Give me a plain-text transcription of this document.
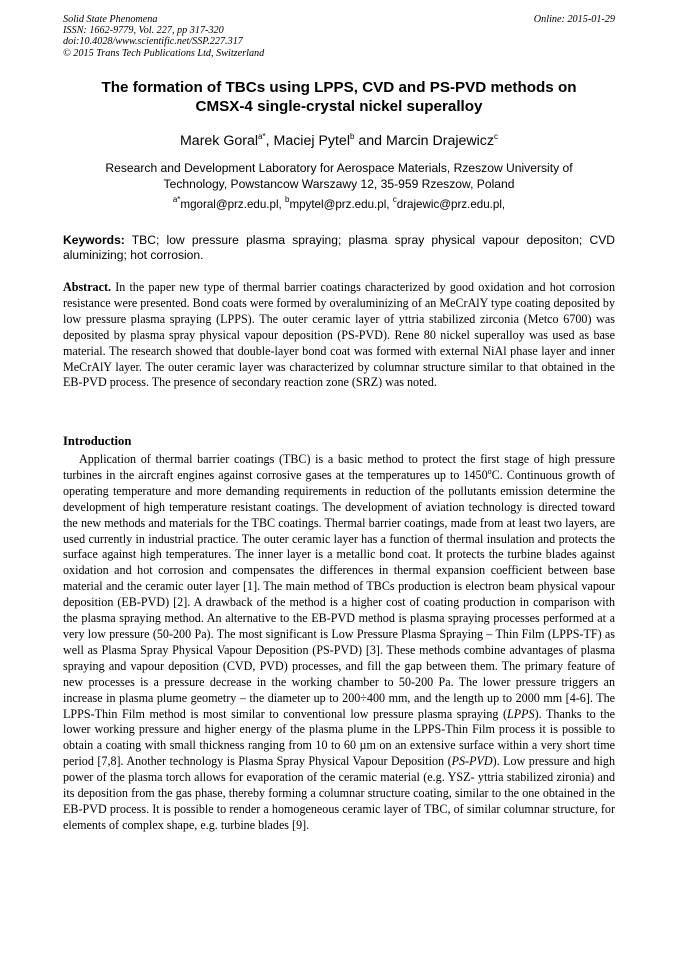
Solid State Phenomena
ISSN: 1662-9779, Vol. 227, pp 317-320
doi:10.4028/www.scientific.net/SSP.227.317
© 2015 Trans Tech Publications Ltd, Switzerland
Online: 2015-01-29
The formation of TBCs using LPPS, CVD and PS-PVD methods on
CMSX-4 single-crystal nickel superalloy
Marek Goral$^{a*}$, Maciej Pytel$^b$ and Marcin Drajewicz$^c$
Research and Development Laboratory for Aerospace Materials, Rzeszow University of
Technology, Powstancow Warszawy 12, 35-959 Rzeszow, Poland
$^{a*}$mgoral@prz.edu.pl, $^b$mpytel@prz.edu.pl, $^c$drajewic@prz.edu.pl,
Keywords: TBC; low pressure plasma spraying; plasma spray physical vapour depositon; CVD aluminizing; hot corrosion.
Abstract. In the paper new type of thermal barrier coatings characterized by good oxidation and hot corrosion resistance were presented. Bond coats were formed by overaluminizing of an MeCrAlY type coating deposited by low pressure plasma spraying (LPPS). The outer ceramic layer of yttria stabilized zirconia (Metco 6700) was deposited by plasma spray physical vapour deposition (PS-PVD). Rene 80 nickel superalloy was used as base material. The research showed that double-layer bond coat was formed with external NiAl phase layer and inner MeCrAlY layer. The outer ceramic layer was characterized by columnar structure similar to that obtained in the EB-PVD process. The presence of secondary reaction zone (SRZ) was noted.
Introduction
Application of thermal barrier coatings (TBC) is a basic method to protect the first stage of high pressure turbines in the aircraft engines against corrosive gases at the temperatures up to 1450$^o$C. Continuous growth of operating temperature and more demanding requirements in reduction of the pollutants emission determine the development of high temperature resistant coatings. The development of aviation technology is directed toward the new methods and materials for the TBC coatings. Thermal barrier coatings, made from at least two layers, are used currently in industrial practice. The outer ceramic layer has a function of thermal insulation and protects the surface against high temperatures. The inner layer is a metallic bond coat. It protects the turbine blades against oxidation and hot corrosion and compensates the differences in thermal expansion coefficient between base material and the ceramic outer layer [1]. The main method of TBCs production is electron beam physical vapour deposition (EB-PVD) [2]. A drawback of the method is a higher cost of coating production in comparison with the plasma spraying method. An alternative to the EB-PVD method is plasma spraying processes performed at a very low pressure (50-200 Pa). The most significant is Low Pressure Plasma Spraying – Thin Film (LPPS-TF) as well as Plasma Spray Physical Vapour Deposition (PS-PVD) [3]. These methods combine advantages of plasma spraying and vapour deposition (CVD, PVD) processes, and fill the gap between them. The primary feature of new processes is a pressure decrease in the working chamber to 50-200 Pa. The lower pressure triggers an increase in plasma plume geometry – the diameter up to 200÷400 mm, and the length up to 2000 mm [4-6]. The LPPS-Thin Film method is most similar to conventional low pressure plasma spraying (LPPS). Thanks to the lower working pressure and higher energy of the plasma plume in the LPPS-Thin Film process it is possible to obtain a coating with small thickness ranging from 10 to 60 µm on an extensive surface within a very short time period [7,8]. Another technology is Plasma Spray Physical Vapour Deposition (PS-PVD). Low pressure and high power of the plasma torch allows for evaporation of the ceramic material (e.g. YSZ- yttria stabilized zironia) and its deposition from the gas phase, thereby forming a columnar structure coating, similar to the one obtained in the EB-PVD process. It is possible to render a homogeneous ceramic layer of TBC, of similar columnar structure, for elements of complex shape, e.g. turbine blades [9].
